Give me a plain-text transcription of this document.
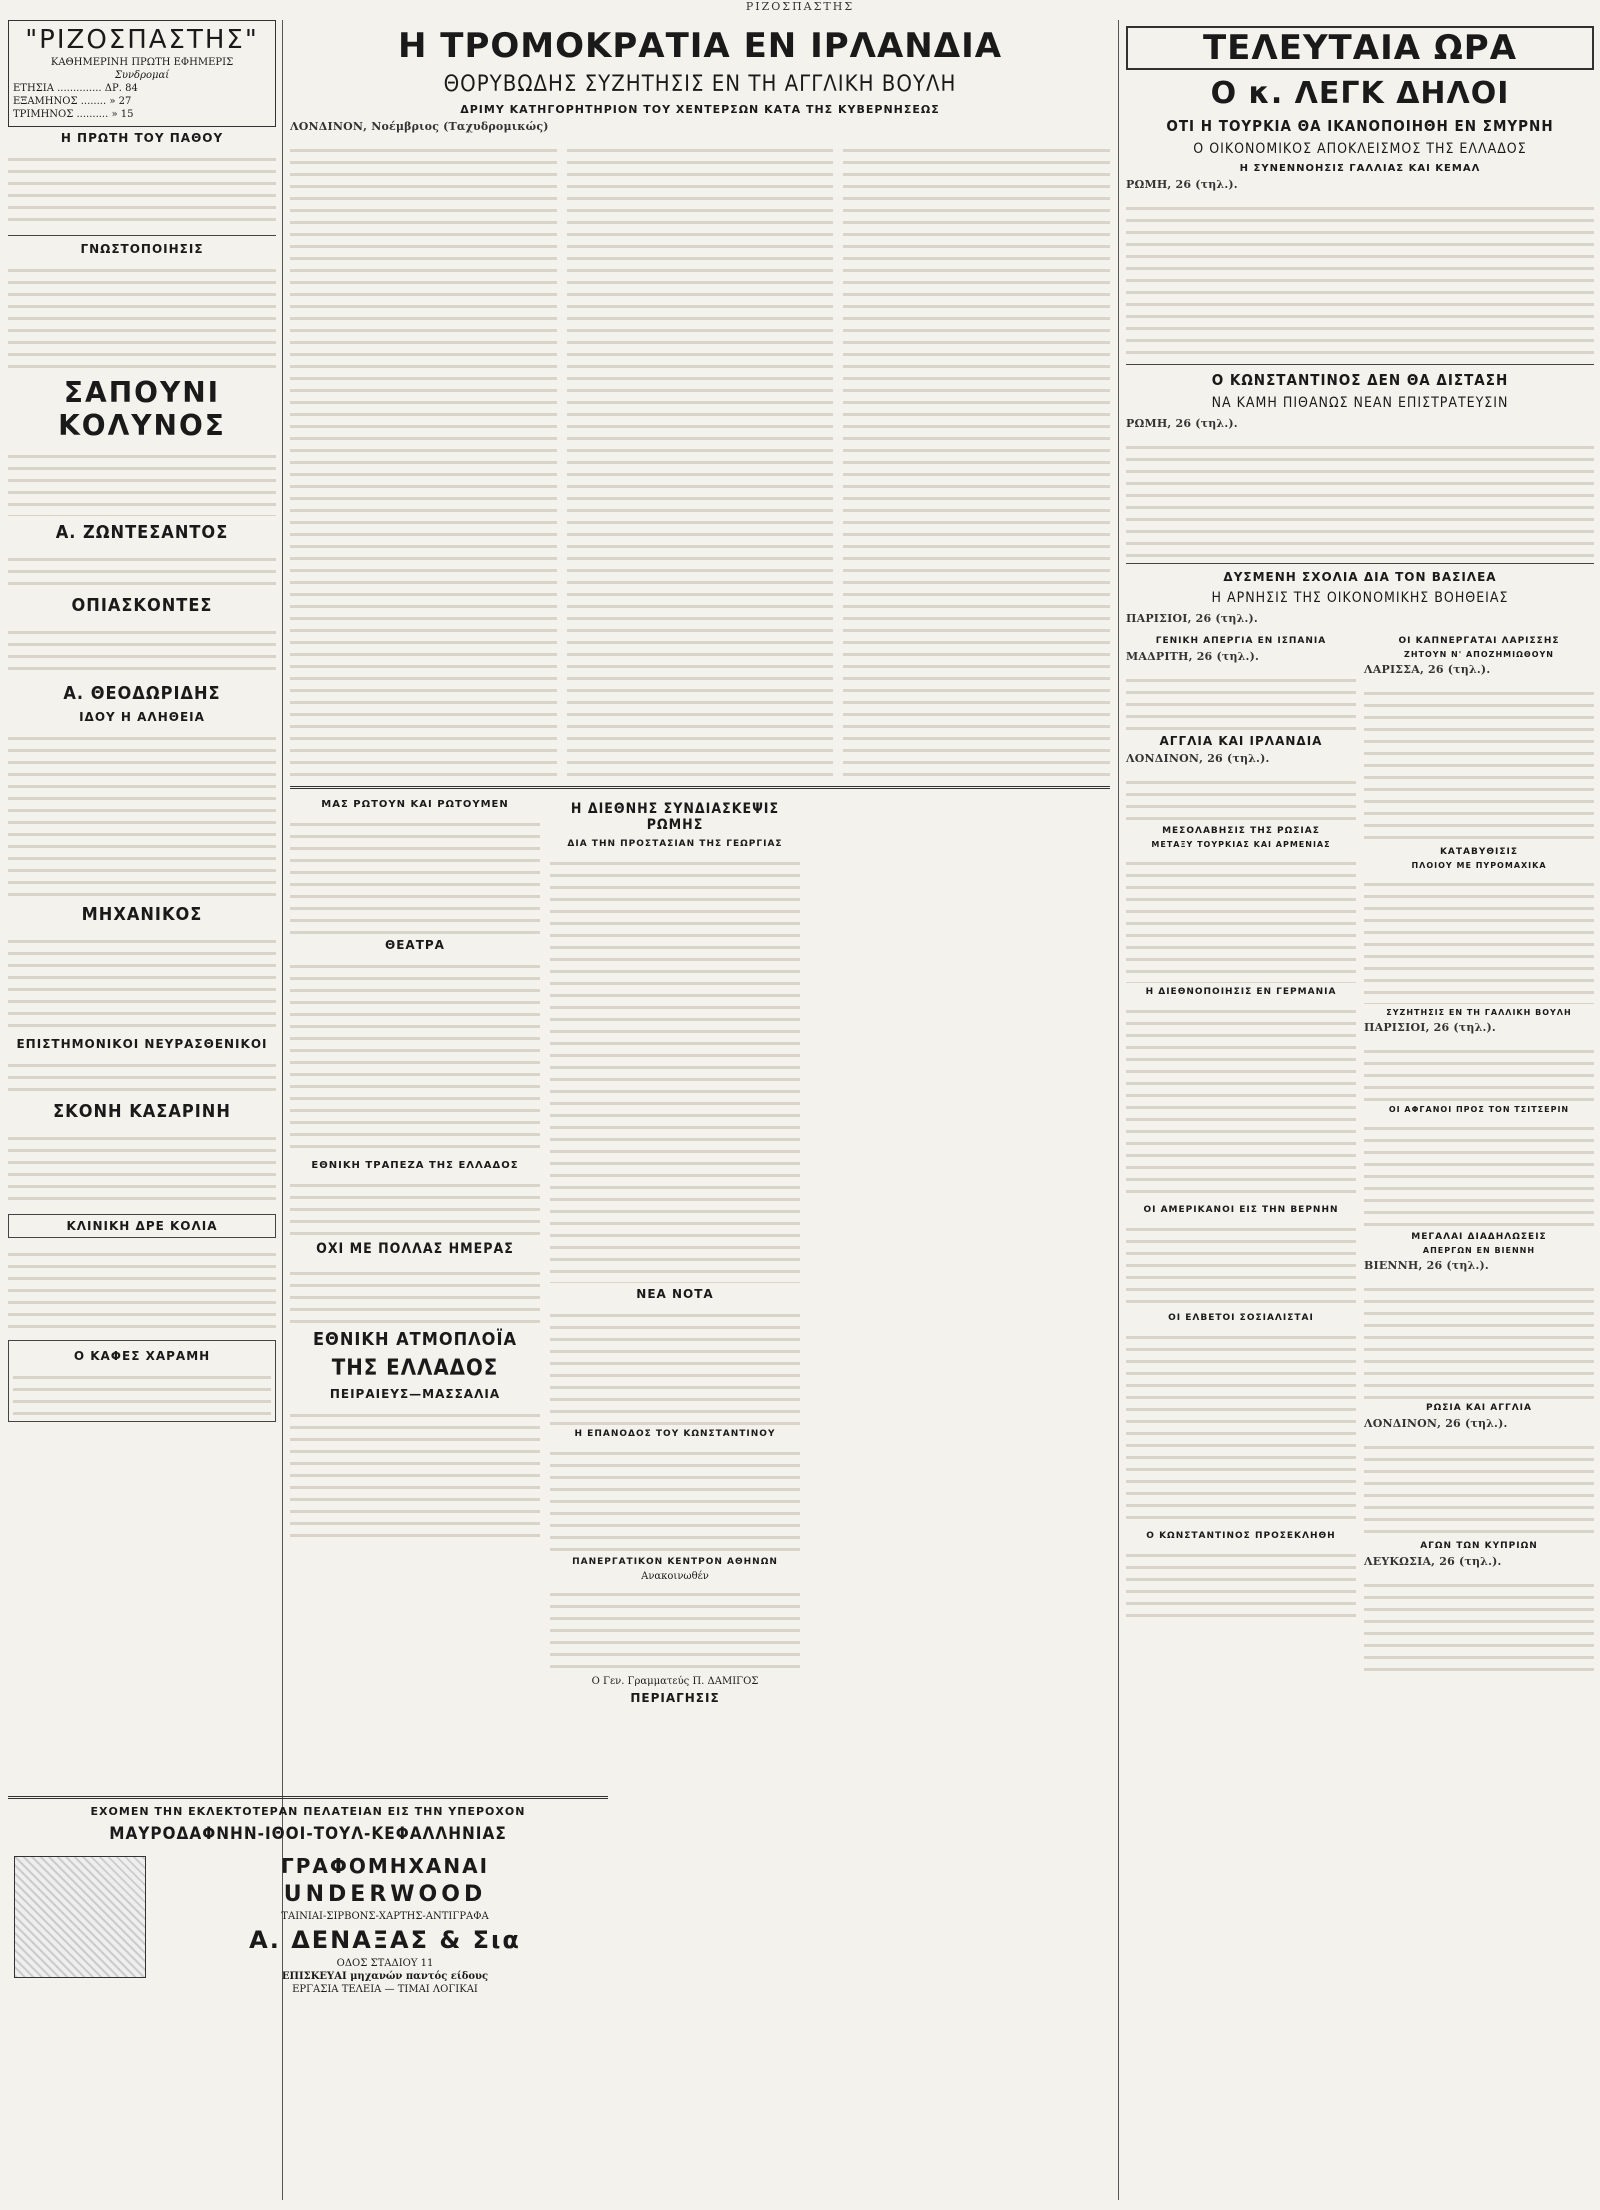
ΡΙΖΟΣΠΑΣΤΗΣ
"ΡΙΖΟΣΠΑΣΤΗΣ"
ΚΑΘΗΜΕΡΙΝΗ ΠΡΩΤΗ ΕΦΗΜΕΡΙΣ
Συνδρομαί
ΕΤΗΣΙΑ .............. ΔΡ. 84
ΕΞΑΜΗΝΟΣ ........ » 27
ΤΡΙΜΗΝΟΣ .......... » 15
Η ΠΡΩΤΗ ΤΟΥ ΠΑΘΟΥ

ΓΝΩΣΤΟΠΟΙΗΣΙΣ

ΣΑΠΟΥΝΙ ΚΟΛΥΝΟΣ

Α. ΖΩΝΤΕΣΑΝΤΟΣ

ΟΠΙΑΣΚΟΝΤΕΣ

Α. ΘΕΟΔΩΡΙΔΗΣ
ΙΔΟΥ Η ΑΛΗΘΕΙΑ

ΜΗΧΑΝΙΚΟΣ

ΕΠΙΣΤΗΜΟΝΙΚΟΙ ΝΕΥΡΑΣΘΕΝΙΚΟΙ

ΣΚΟΝΗ ΚΑΣΑΡΙΝΗ

ΚΛΙΝΙΚΗ ΔΡΕ ΚΟΛΙΑ

Ο ΚΑΦΕΣ ΧΑΡΑΜΗ
Η ΤΡΟΜΟΚΡΑΤΙΑ ΕΝ ΙΡΛΑΝΔΙΑ
ΘΟΡΥΒΩΔΗΣ ΣΥΖΗΤΗΣΙΣ ΕΝ ΤΗ ΑΓΓΛΙΚΗ ΒΟΥΛΗ
ΔΡΙΜΥ ΚΑΤΗΓΟΡΗΤΗΡΙΟΝ ΤΟΥ ΧΕΝΤΕΡΣΩΝ ΚΑΤΑ ΤΗΣ ΚΥΒΕΡΝΗΣΕΩΣ

ΛΟΝΔΙΝΟΝ, Νοέμβριος (Ταχυδρομικώς)

ΜΑΣ ΡΩΤΟΥΝ ΚΑΙ ΡΩΤΟΥΜΕΝ
ΘΕΑΤΡΑ
ΕΘΝΙΚΗ ΤΡΑΠΕΖΑ ΤΗΣ ΕΛΛΑΔΟΣ
ΟΧΙ ΜΕ ΠΟΛΛΑΣ ΗΜΕΡΑΣ
ΕΘΝΙΚΗ ΑΤΜΟΠΛΟΪΑ
ΤΗΣ ΕΛΛΑΔΟΣ
ΠΕΙΡΑΙΕΥΣ—ΜΑΣΣΑΛΙΑ
Η ΔΙΕΘΝΗΣ ΣΥΝΔΙΑΣΚΕΨΙΣ ΡΩΜΗΣ
ΔΙΑ ΤΗΝ ΠΡΟΣΤΑΣΙΑΝ ΤΗΣ ΓΕΩΡΓΙΑΣ
ΝΕΑ ΝΟΤΑ
Η ΕΠΑΝΟΔΟΣ ΤΟΥ ΚΩΝΣΤΑΝΤΙΝΟΥ
ΠΑΝΕΡΓΑΤΙΚΟΝ ΚΕΝΤΡΟΝ ΑΘΗΝΩΝ
Ανακοινωθέν
Ο Γεν. Γραμματεύς Π. ΔΑΜΙΓΟΣ
ΠΕΡΙΑΓΗΣΙΣ
ΤΕΛΕΥΤΑΙΑ ΩΡΑ
Ο κ. ΛΕΓΚ ΔΗΛΟΙ
ΟΤΙ Η ΤΟΥΡΚΙΑ ΘΑ ΙΚΑΝΟΠΟΙΗΘΗ ΕΝ ΣΜΥΡΝΗ
Ο ΟΙΚΟΝΟΜΙΚΟΣ ΑΠΟΚΛΕΙΣΜΟΣ ΤΗΣ ΕΛΛΑΔΟΣ
Η ΣΥΝΕΝΝΟΗΣΙΣ ΓΑΛΛΙΑΣ ΚΑΙ ΚΕΜΑΛ

ΡΩΜΗ, 26 (τηλ.).

Ο ΚΩΝΣΤΑΝΤΙΝΟΣ ΔΕΝ ΘΑ ΔΙΣΤΑΣΗ
ΝΑ ΚΑΜΗ ΠΙΘΑΝΩΣ ΝΕΑΝ ΕΠΙΣΤΡΑΤΕΥΣΙΝ

ΡΩΜΗ, 26 (τηλ.).

ΔΥΣΜΕΝΗ ΣΧΟΛΙΑ ΔΙΑ ΤΟΝ ΒΑΣΙΛΕΑ
Η ΑΡΝΗΣΙΣ ΤΗΣ ΟΙΚΟΝΟΜΙΚΗΣ ΒΟΗΘΕΙΑΣ

ΠΑΡΙΣΙΟΙ, 26 (τηλ.).

ΓΕΝΙΚΗ ΑΠΕΡΓΙΑ ΕΝ ΙΣΠΑΝΙΑ

ΜΑΔΡΙΤΗ, 26 (τηλ.).

ΑΓΓΛΙΑ ΚΑΙ ΙΡΛΑΝΔΙΑ

ΛΟΝΔΙΝΟΝ, 26 (τηλ.).

ΜΕΣΟΛΑΒΗΣΙΣ ΤΗΣ ΡΩΣΙΑΣ
ΜΕΤΑΞΥ ΤΟΥΡΚΙΑΣ ΚΑΙ ΑΡΜΕΝΙΑΣ
Η ΔΙΕΘΝΟΠΟΙΗΣΙΣ ΕΝ ΓΕΡΜΑΝΙΑ
ΟΙ ΑΜΕΡΙΚΑΝΟΙ ΕΙΣ ΤΗΝ ΒΕΡΝΗΝ
ΟΙ ΕΛΒΕΤΟΙ ΣΟΣΙΑΛΙΣΤΑΙ
Ο ΚΩΝΣΤΑΝΤΙΝΟΣ ΠΡΟΣΕΚΛΗΘΗ
ΟΙ ΚΑΠΝΕΡΓΑΤΑΙ ΛΑΡΙΣΣΗΣ
ΖΗΤΟΥΝ Ν' ΑΠΟΖΗΜΙΩΘΟΥΝ

ΛΑΡΙΣΣΑ, 26 (τηλ.).

ΚΑΤΑΒΥΘΙΣΙΣ
ΠΛΟΙΟΥ ΜΕ ΠΥΡΟΜΑΧΙΚΑ
ΣΥΖΗΤΗΣΙΣ ΕΝ ΤΗ ΓΑΛΛΙΚΗ ΒΟΥΛΗ

ΠΑΡΙΣΙΟΙ, 26 (τηλ.).

ΟΙ ΑΦΓΑΝΟΙ ΠΡΟΣ ΤΟΝ ΤΣΙΤΣΕΡΙΝ
ΜΕΓΑΛΑΙ ΔΙΑΔΗΛΩΣΕΙΣ
ΑΠΕΡΓΩΝ ΕΝ ΒΙΕΝΝΗ

ΒΙΕΝΝΗ, 26 (τηλ.).

ΡΩΣΙΑ ΚΑΙ ΑΓΓΛΙΑ

ΛΟΝΔΙΝΟΝ, 26 (τηλ.).

ΑΓΩΝ ΤΩΝ ΚΥΠΡΙΩΝ

ΛΕΥΚΩΣΙΑ, 26 (τηλ.).

ΕΧΟΜΕΝ ΤΗΝ ΕΚΛΕΚΤΟΤΕΡΑΝ ΠΕΛΑΤΕΙΑΝ ΕΙΣ ΤΗΝ ΥΠΕΡΟΧΟΝ
ΜΑΥΡΟΔΑΦΝΗΝ-ΙΘΟΙ-ΤΟΥΛ-ΚΕΦΑΛΛΗΝΙΑΣ
ΓΡΑΦΟΜΗΧΑΝΑΙ
UNDERWOOD
ΤΑΙΝΙΑΙ-ΣΙΡΒΟΝΣ-ΧΑΡΤΗΣ-ΑΝΤΙΓΡΑΦΑ
Α. ΔΕΝΑΞΑΣ & Σια
ΟΔΟΣ ΣΤΑΔΙΟΥ 11
ΕΠΙΣΚΕΥΑΙ μηχανών παντός είδους
ΕΡΓΑΣΙΑ ΤΕΛΕΙΑ — ΤΙΜΑΙ ΛΟΓΙΚΑΙ
